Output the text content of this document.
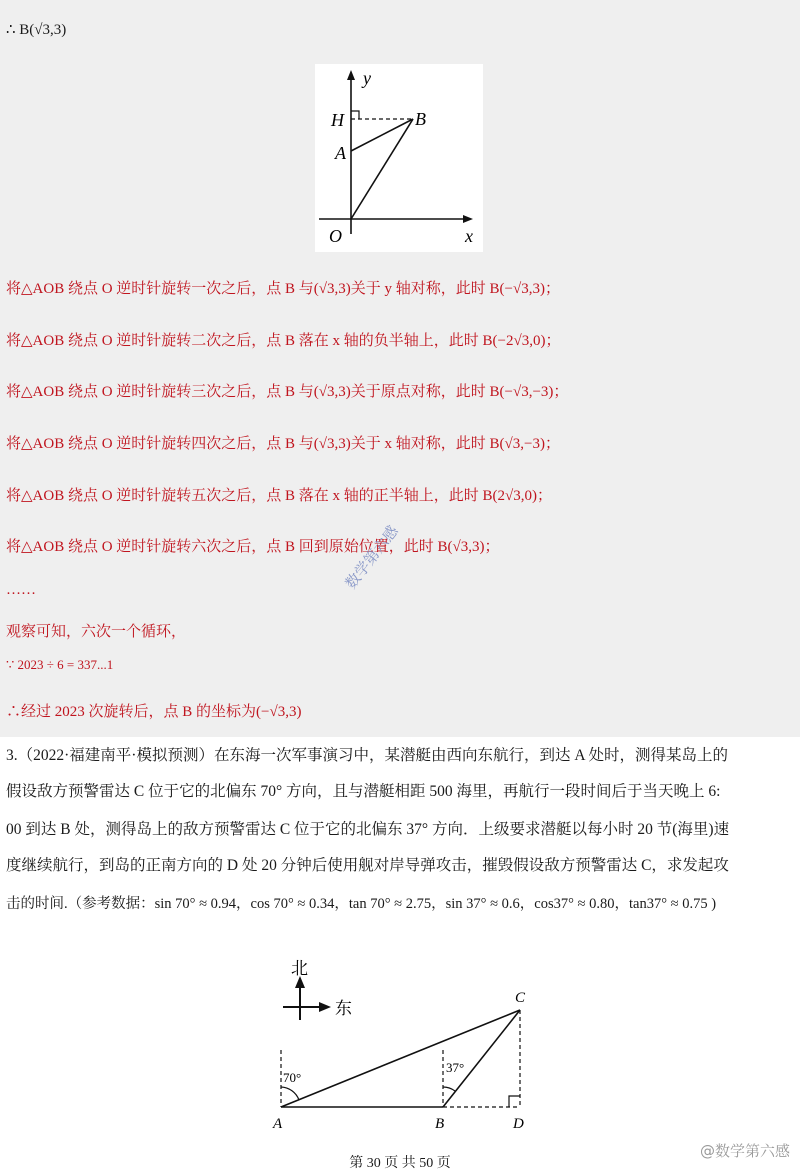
∴ B(√3,3)
y
x
O
H
A
B
将△AOB 绕点 O 逆时针旋转一次之后，点 B 与(√3,3)关于 y 轴对称，此时 B(−√3,3)；
将△AOB 绕点 O 逆时针旋转二次之后，点 B 落在 x 轴的负半轴上，此时 B(−2√3,0)；
将△AOB 绕点 O 逆时针旋转三次之后，点 B 与(√3,3)关于原点对称，此时 B(−√3,−3)；
将△AOB 绕点 O 逆时针旋转四次之后，点 B 与(√3,3)关于 x 轴对称，此时 B(√3,−3)；
将△AOB 绕点 O 逆时针旋转五次之后，点 B 落在 x 轴的正半轴上，此时 B(2√3,0)；
将△AOB 绕点 O 逆时针旋转六次之后，点 B 回到原始位置，此时 B(√3,3)；
……
观察可知，六次一个循环，
∵ 2023 ÷ 6 = 337...1
∴经过 2023 次旋转后，点 B 的坐标为(−√3,3)
数学第六感
3.（2022·福建南平·模拟预测）在东海一次军事演习中，某潜艇由西向东航行，到达 A 处时，测得某岛上的
假设敌方预警雷达 C 位于它的北偏东 70° 方向，且与潜艇相距 500 海里，再航行一段时间后于当天晚上 6:
00 到达 B 处，测得岛上的敌方预警雷达 C 位于它的北偏东 37° 方向．上级要求潜艇以每小时 20 节(海里)速
度继续航行，到岛的正南方向的 D 处 20 分钟后使用舰对岸导弹攻击，摧毁假设敌方预警雷达 C，求发起攻
击的时间.（参考数据：sin 70° ≈ 0.94，cos 70° ≈ 0.34，tan 70° ≈ 2.75，sin 37° ≈ 0.6，cos37° ≈ 0.80，tan37° ≈ 0.75 )
北
东
70°
37°
A	B
C
D
第 30 页 共 50 页
@数学第六感
